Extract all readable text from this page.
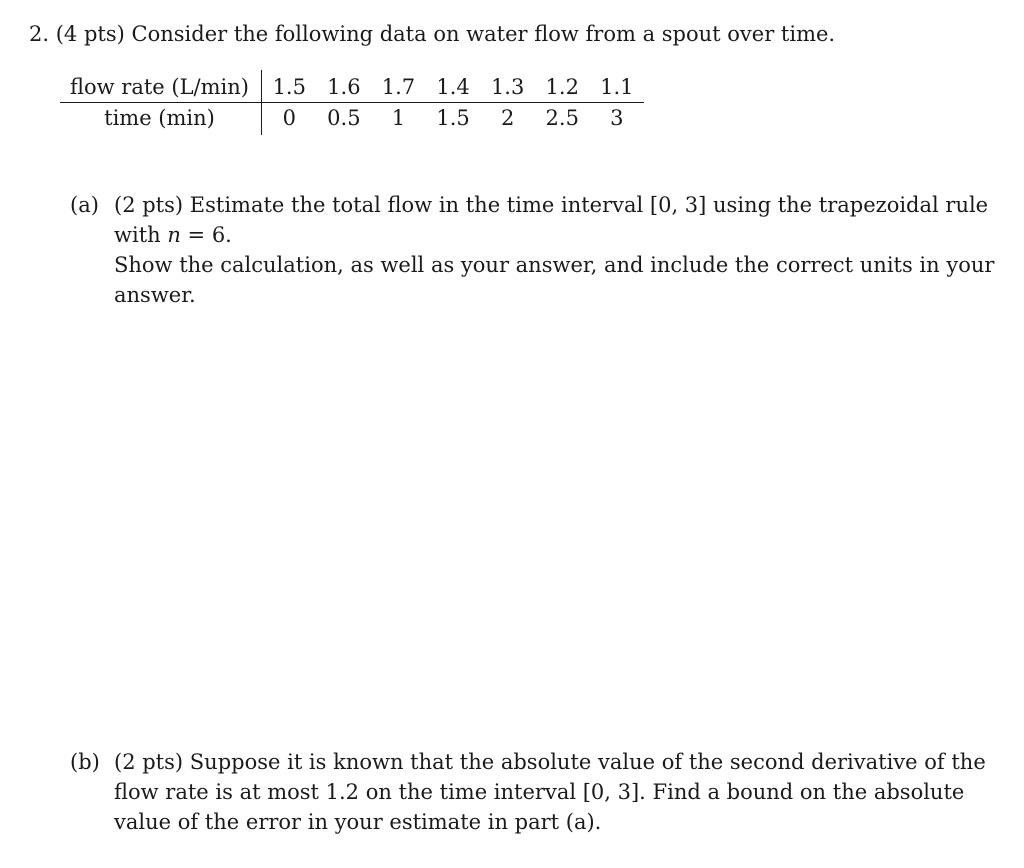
2. (4 pts) Consider the following data on water flow from a spout over time.
flow rate (L/min)	1.5	1.6	1.7	1.4	1.3	1.2	1.1
time (min)	0	0.5	1	1.5	2	2.5	3
(a) (2 pts) Estimate the total flow in the time interval [0, 3] using the trapezoidal rule
with n = 6.
Show the calculation, as well as your answer, and include the correct units in your
answer.
(b) (2 pts) Suppose it is known that the absolute value of the second derivative of the
flow rate is at most 1.2 on the time interval [0, 3]. Find a bound on the absolute
value of the error in your estimate in part (a).
